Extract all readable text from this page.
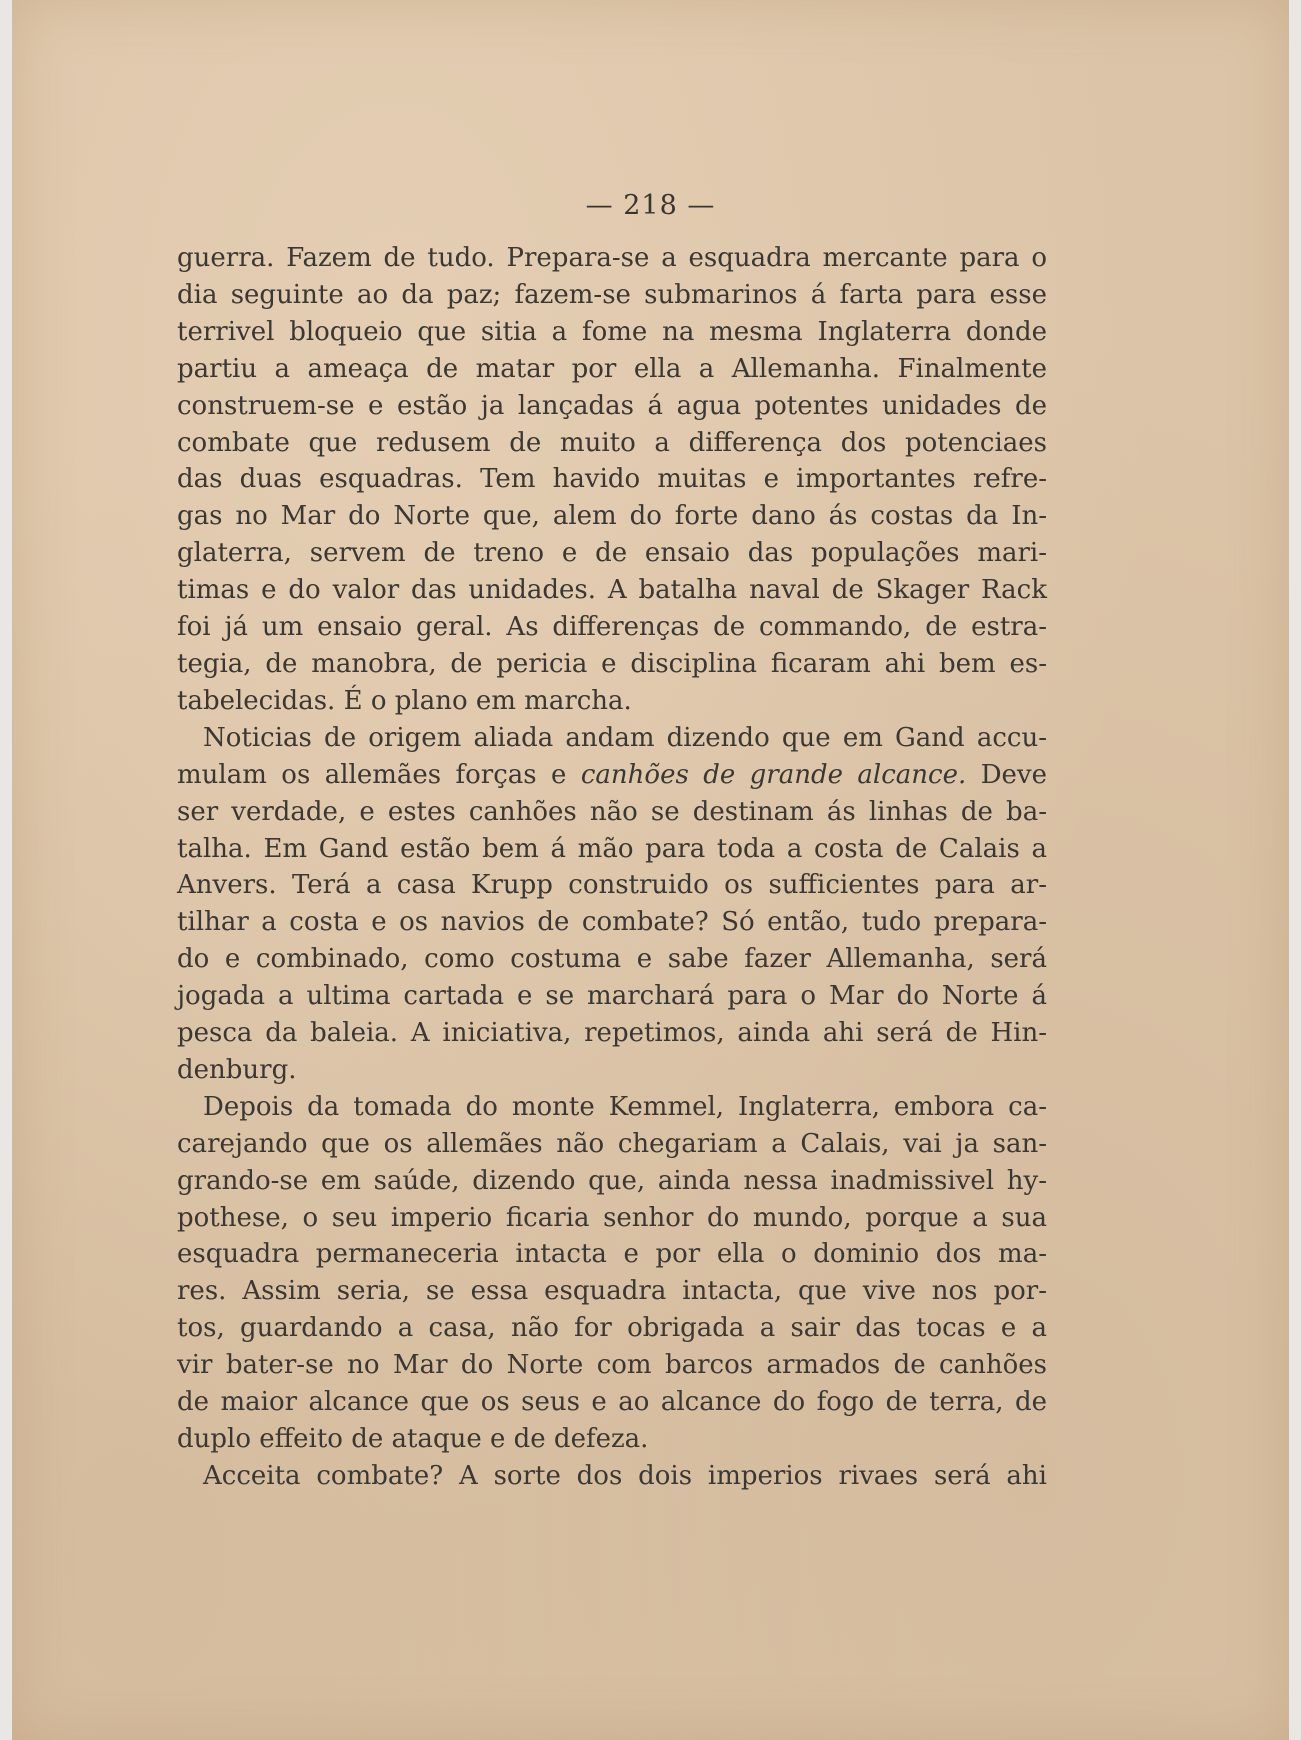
— 218 —
guerra. Fazem de tudo. Prepara-se a esquadra mercante para o
dia seguinte ao da paz; fazem-se submarinos á farta para esse
terrivel bloqueio que sitia a fome na mesma Inglaterra donde
partiu a ameaça de matar por ella a Allemanha. Finalmente
construem-se e estão ja lançadas á agua potentes unidades de
combate que redusem de muito a differença dos potenciaes
das duas esquadras. Tem havido muitas e importantes refre-
gas no Mar do Norte que, alem do forte dano ás costas da In-
glaterra, servem de treno e de ensaio das populações mari-
timas e do valor das unidades. A batalha naval de Skager Rack
foi já um ensaio geral. As differenças de commando, de estra-
tegia, de manobra, de pericia e disciplina ficaram ahi bem es-
tabelecidas. É o plano em marcha.
Noticias de origem aliada andam dizendo que em Gand accu-
mulam os allemães forças e canhões de grande alcance. Deve
ser verdade, e estes canhões não se destinam ás linhas de ba-
talha. Em Gand estão bem á mão para toda a costa de Calais a
Anvers. Terá a casa Krupp construido os sufficientes para ar-
tilhar a costa e os navios de combate? Só então, tudo prepara-
do e combinado, como costuma e sabe fazer Allemanha, será
jogada a ultima cartada e se marchará para o Mar do Norte á
pesca da baleia. A iniciativa, repetimos, ainda ahi será de Hin-
denburg.
Depois da tomada do monte Kemmel, Inglaterra, embora ca-
carejando que os allemães não chegariam a Calais, vai ja san-
grando-se em saúde, dizendo que, ainda nessa inadmissivel hy-
pothese, o seu imperio ficaria senhor do mundo, porque a sua
esquadra permaneceria intacta e por ella o dominio dos ma-
res. Assim seria, se essa esquadra intacta, que vive nos por-
tos, guardando a casa, não for obrigada a sair das tocas e a
vir bater-se no Mar do Norte com barcos armados de canhões
de maior alcance que os seus e ao alcance do fogo de terra, de
duplo effeito de ataque e de defeza.
Acceita combate? A sorte dos dois imperios rivaes será ahi
